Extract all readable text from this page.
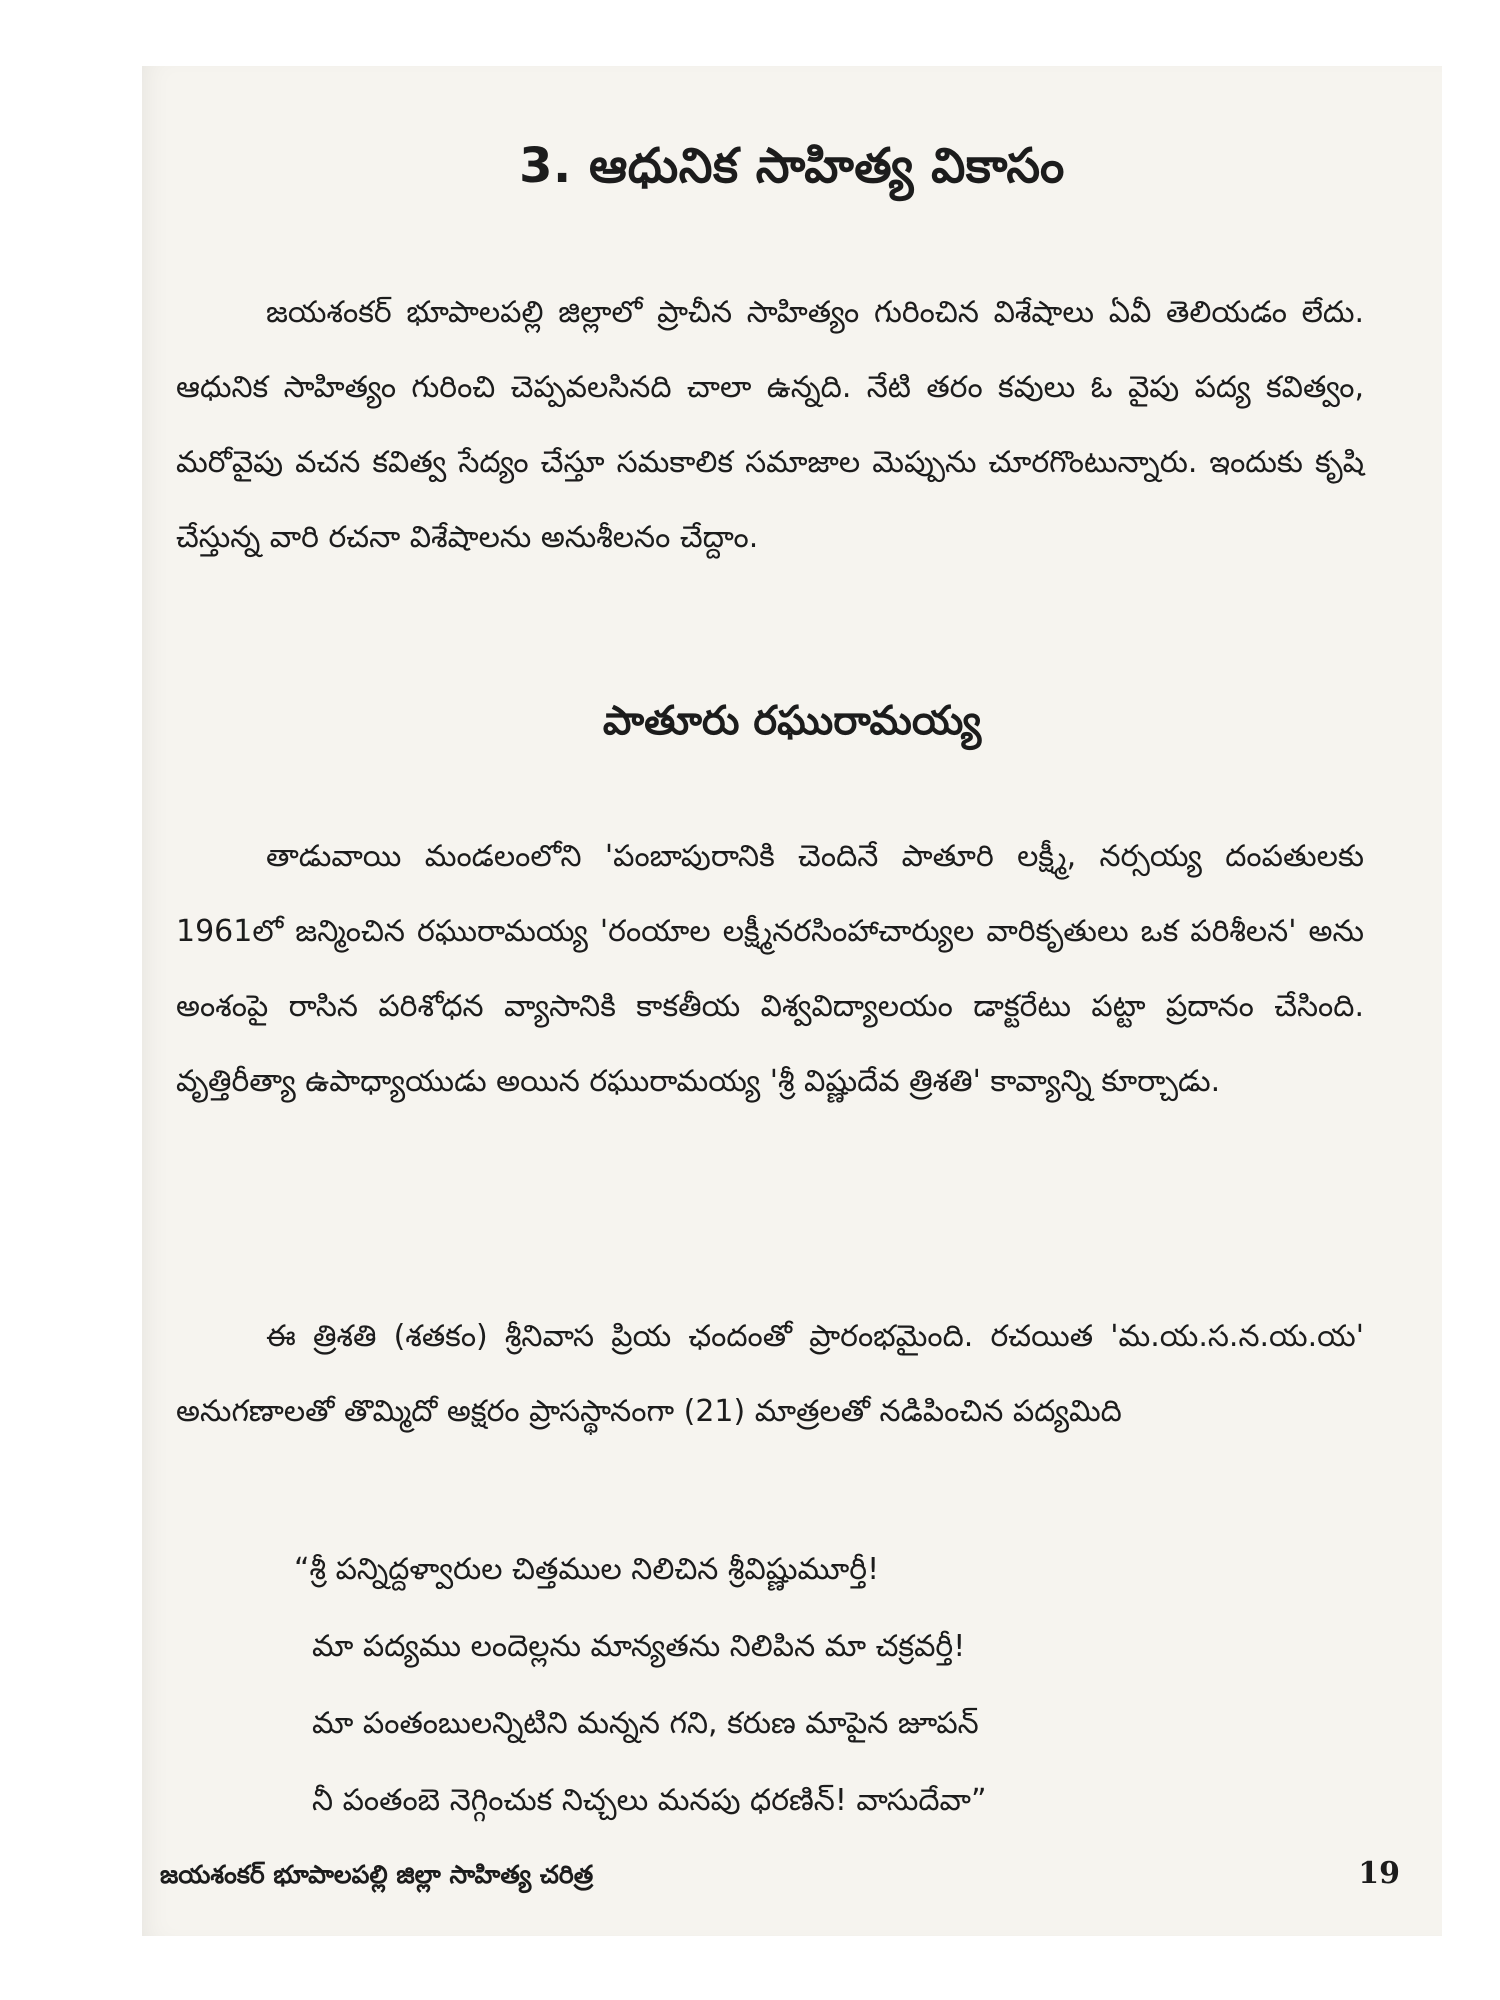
3. ఆధునిక సాహిత్య వికాసం

జయశంకర్ భూపాలపల్లి జిల్లాలో ప్రాచీన సాహిత్యం గురించిన విశేషాలు ఏవీ తెలియడం లేదు. ఆధునిక సాహిత్యం గురించి చెప్పవలసినది చాలా ఉన్నది. నేటి తరం కవులు ఓ వైపు పద్య కవిత్వం, మరోవైపు వచన కవిత్వ సేద్యం చేస్తూ సమకాలిక సమాజాల మెప్పును చూరగొంటున్నారు. ఇందుకు కృషి చేస్తున్న వారి రచనా విశేషాలను అనుశీలనం చేద్దాం.

పాతూరు రఘురామయ్య

తాడువాయి మండలంలోని 'పంబాపురానికి చెందినే పాతూరి లక్ష్మీ, నర్సయ్య దంపతులకు 1961లో జన్మించిన రఘురామయ్య 'రంయాల లక్ష్మీనరసింహాచార్యుల వారికృతులు ఒక పరిశీలన' అను అంశంపై రాసిన పరిశోధన వ్యాసానికి కాకతీయ విశ్వవిద్యాలయం డాక్టరేటు పట్టా ప్రదానం చేసింది. వృత్తిరీత్యా ఉపాధ్యాయుడు అయిన రఘురామయ్య 'శ్రీ విష్ణుదేవ త్రిశతి' కావ్యాన్ని కూర్చాడు.

ఈ త్రిశతి (శతకం) శ్రీనివాస ప్రియ ఛందంతో ప్రారంభమైంది. రచయిత 'మ.య.స.న.య.య' అనుగణాలతో తొమ్మిదో అక్షరం ప్రాసస్థానంగా (21) మాత్రలతో నడిపించిన పద్యమిది

“శ్రీ పన్నిద్దళ్వారుల చిత్తముల నిలిచిన శ్రీవిష్ణుమూర్తీ!
మా పద్యము లందెల్లను మాన్యతను నిలిపిన మా చక్రవర్తీ!
మా పంతంబులన్నిటిని మన్నన గని, కరుణ మాపైన జూపన్
నీ పంతంబె నెగ్గించుక నిచ్చలు మనపు ధరణిన్! వాసుదేవా”
జయశంకర్ భూపాలపల్లి జిల్లా సాహిత్య చరిత్ర	19
